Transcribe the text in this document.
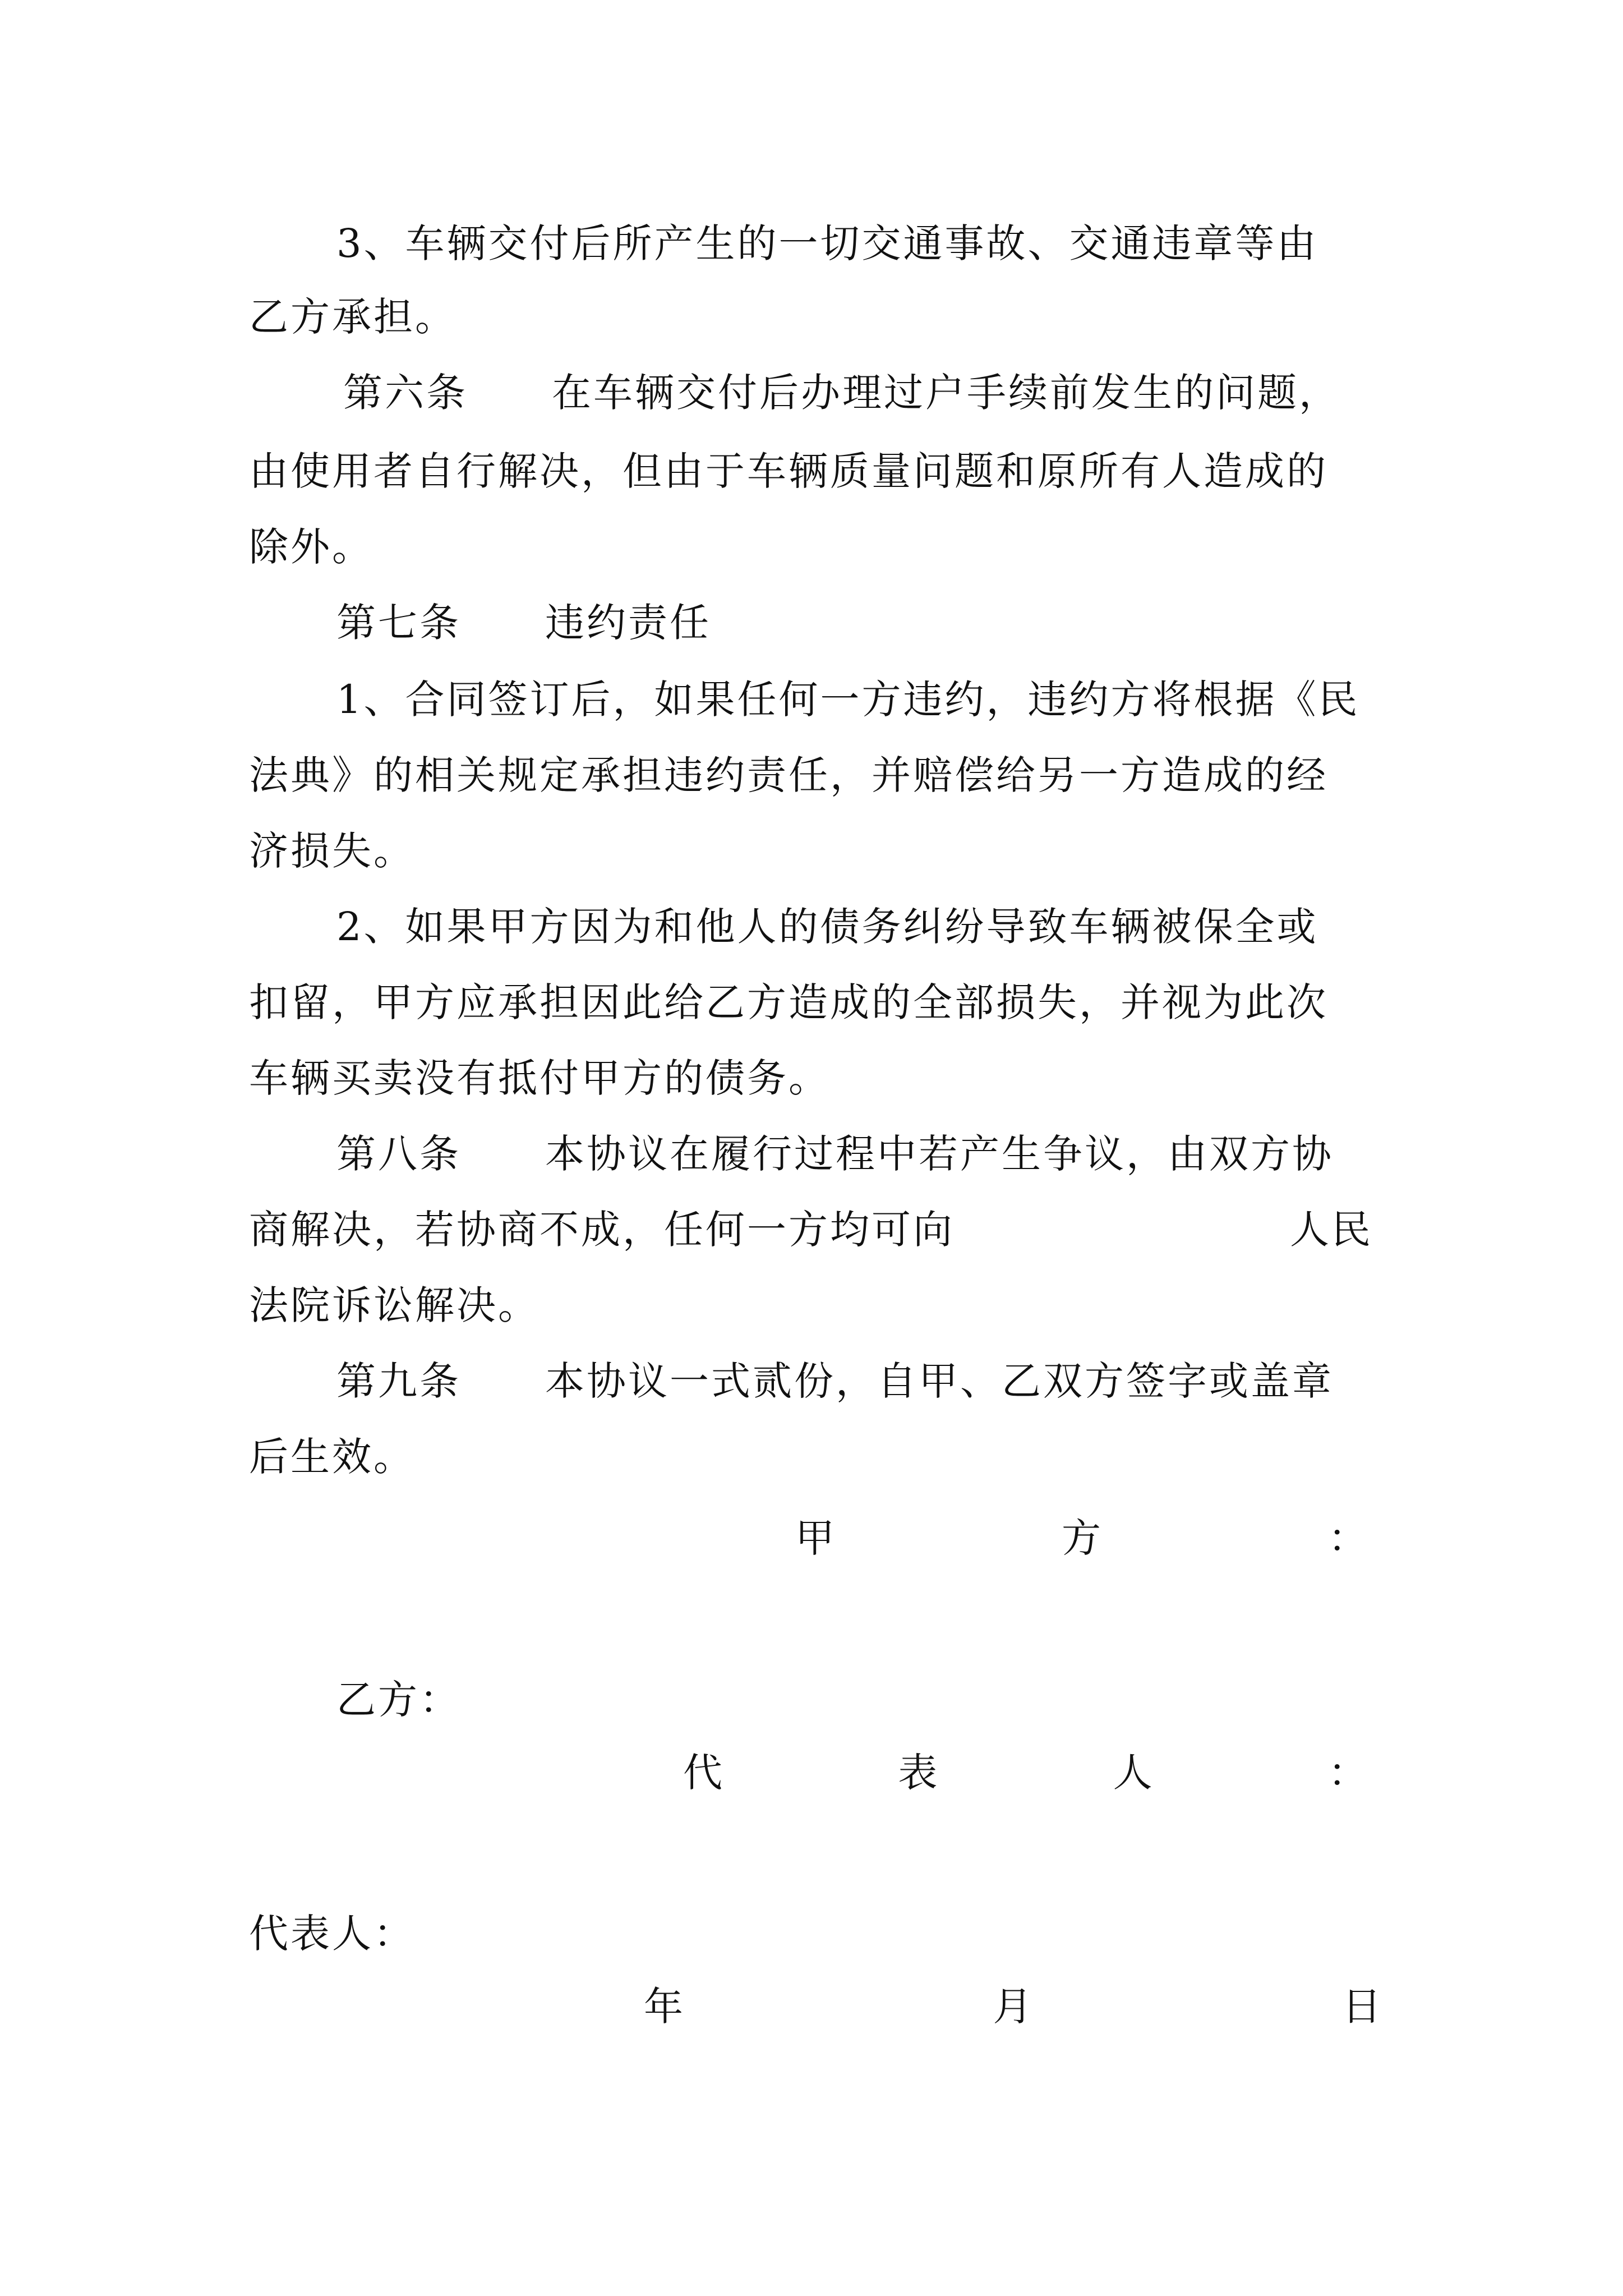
3、车辆交付后所产生的一切交通事故、交通违章等由
乙方承担。
第六条 在车辆交付后办理过户手续前发生的问题，
由使用者自行解决，但由于车辆质量问题和原所有人造成的
除外。
第七条 违约责任
1、合同签订后，如果任何一方违约，违约方将根据《民
法典》的相关规定承担违约责任，并赔偿给另一方造成的经
济损失。
2、如果甲方因为和他人的债务纠纷导致车辆被保全或
扣留，甲方应承担因此给乙方造成的全部损失，并视为此次
车辆买卖没有抵付甲方的债务。
第八条 本协议在履行过程中若产生争议，由双方协
商解决，若协商不成，任何一方均可向	人民
法院诉讼解决。
第九条 本协议一式贰份，自甲、乙双方签字或盖章
后生效。
甲	方	：
乙方：
代	表	人	：
代表人：
年	月	日
